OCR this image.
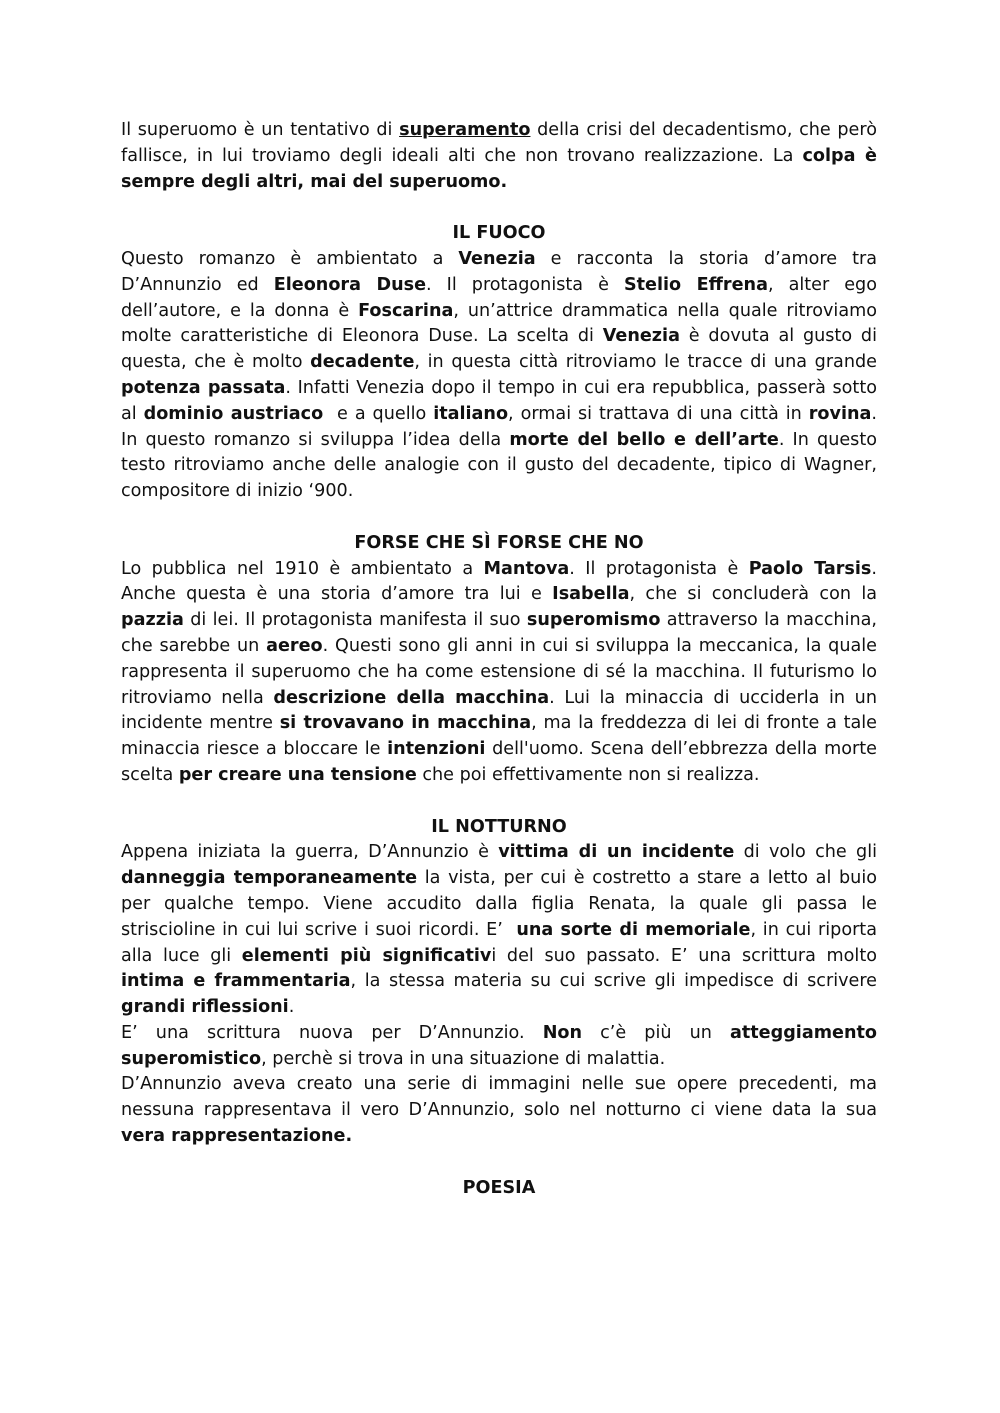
Il superuomo è un tentativo di superamento della crisi del decadentismo, che però fallisce, in lui troviamo degli ideali alti che non trovano realizzazione. La colpa è sempre degli altri, mai del superuomo.

IL FUOCO

Questo romanzo è ambientato a Venezia e racconta la storia d’amore tra D’Annunzio ed Eleonora Duse. Il protagonista è Stelio Effrena, alter ego dell’autore, e la donna è Foscarina, un’attrice drammatica nella quale ritroviamo molte caratteristiche di Eleonora Duse. La scelta di Venezia è dovuta al gusto di questa, che è molto decadente, in questa città ritroviamo le tracce di una grande potenza passata. Infatti Venezia dopo il tempo in cui era repubblica, passerà sotto al dominio austriaco  e a quello italiano, ormai si trattava di una città in rovina. In questo romanzo si sviluppa l’idea della morte del bello e dell’arte. In questo testo ritroviamo anche delle analogie con il gusto del decadente, tipico di Wagner, compositore di inizio ‘900.

FORSE CHE SÌ FORSE CHE NO

Lo pubblica nel 1910 è ambientato a Mantova. Il protagonista è Paolo Tarsis. Anche questa è una storia d’amore tra lui e Isabella, che si concluderà con la pazzia di lei. Il protagonista manifesta il suo superomismo attraverso la macchina, che sarebbe un aereo. Questi sono gli anni in cui si sviluppa la meccanica, la quale rappresenta il superuomo che ha come estensione di sé la macchina. Il futurismo lo ritroviamo nella descrizione della macchina. Lui la minaccia di ucciderla in un incidente mentre si trovavano in macchina, ma la freddezza di lei di fronte a tale minaccia riesce a bloccare le intenzioni dell'uomo. Scena dell’ebbrezza della morte scelta per creare una tensione che poi effettivamente non si realizza.

IL NOTTURNO

Appena iniziata la guerra, D’Annunzio è vittima di un incidente di volo che gli danneggia temporaneamente la vista, per cui è costretto a stare a letto al buio per qualche tempo. Viene accudito dalla figlia Renata, la quale gli passa le striscioline in cui lui scrive i suoi ricordi. E’  una sorte di memoriale, in cui riporta alla luce gli elementi più significativi del suo passato. E’ una scrittura molto intima e frammentaria, la stessa materia su cui scrive gli impedisce di scrivere grandi riflessioni.

E’ una scrittura nuova per D’Annunzio. Non c’è più un atteggiamento superomistico, perchè si trova in una situazione di malattia.

D’Annunzio aveva creato una serie di immagini nelle sue opere precedenti, ma nessuna rappresentava il vero D’Annunzio, solo nel notturno ci viene data la sua vera rappresentazione.

POESIA
